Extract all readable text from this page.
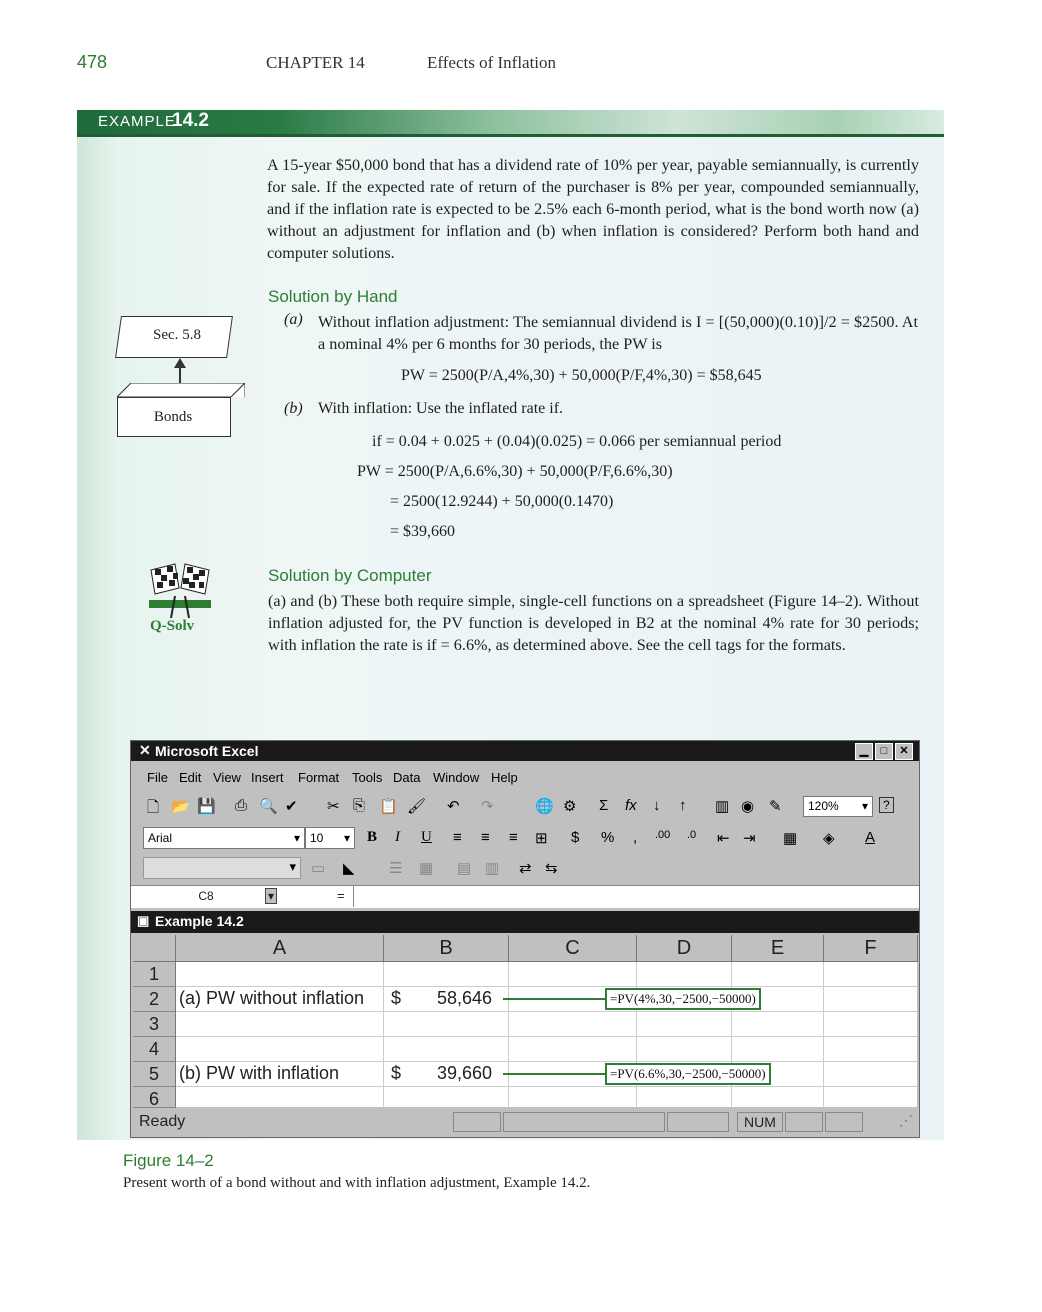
478	CHAPTER 14	Effects of Inflation
EXAMPLE
14.2

A 15-year $50,000 bond that has a dividend rate of 10% per year, payable semiannually, is currently for sale. If the expected rate of return of the purchaser is 8% per year, compounded semiannually, and if the inflation rate is expected to be 2.5% each 6-month period, what is the bond worth now (a) without an adjustment for inflation and (b) when inflation is considered? Perform both hand and computer solutions.

Sec. 5.8
Bonds
Q-Solv
Solution by Hand
(a) Without inflation adjustment: The semiannual dividend is I = [(50,000)(0.10)]/2 = $2500. At a nominal 4% per 6 months for 30 periods, the PW is

PW = 2500(P/A,4%,30) + 50,000(P/F,4%,30) = $58,645
(b) With inflation: Use the inflated rate if.
if = 0.04 + 0.025 + (0.04)(0.025) = 0.066 per semiannual period
PW = 2500(P/A,6.6%,30) + 50,000(P/F,6.6%,30)
= 2500(12.9244) + 50,000(0.1470)
= $39,660
Solution by Computer

(a) and (b) These both require simple, single-cell functions on a spreadsheet (Figure 14–2). Without inflation adjusted for, the PV function is developed in B2 at the nominal 4% rate for 30 periods; with inflation the rate is if = 6.6%, as determined above. See the cell tags for the formats.

✕ Microsoft Excel	▁	□	✕
File Edit View Insert Format Tools Data Window Help
🗋 📂 💾 ⎙ 🔍 ✔ ✂ ⎘ 📋 🖌 ↶ ↷	🌐 ⚙ Σ fx ↓ ↑ ▥ ◉ ✎	120% ▾	?
Arial	▾ 10 ▾ B I U ≡ ≡ ≡ ⊞ $ % , .00 .0 ⇤ ⇥ ▦ ◈ A
▾ ▭ ◣ ☰ ▦ ▤ ▥ ⇄ ⇆
C8	▾	=
▣ Example 14.2
A	B	C	D	E	F
1
2
3
4
5
6
(a) PW without inflation $ 58,646
(b) PW with inflation	$ 39,660
=PV(4%,30,−2500,−50000)
=PV(6.6%,30,−2500,−50000)
Ready	NUM	⋰
Figure 14–2
Present worth of a bond without and with inflation adjustment, Example 14.2.
